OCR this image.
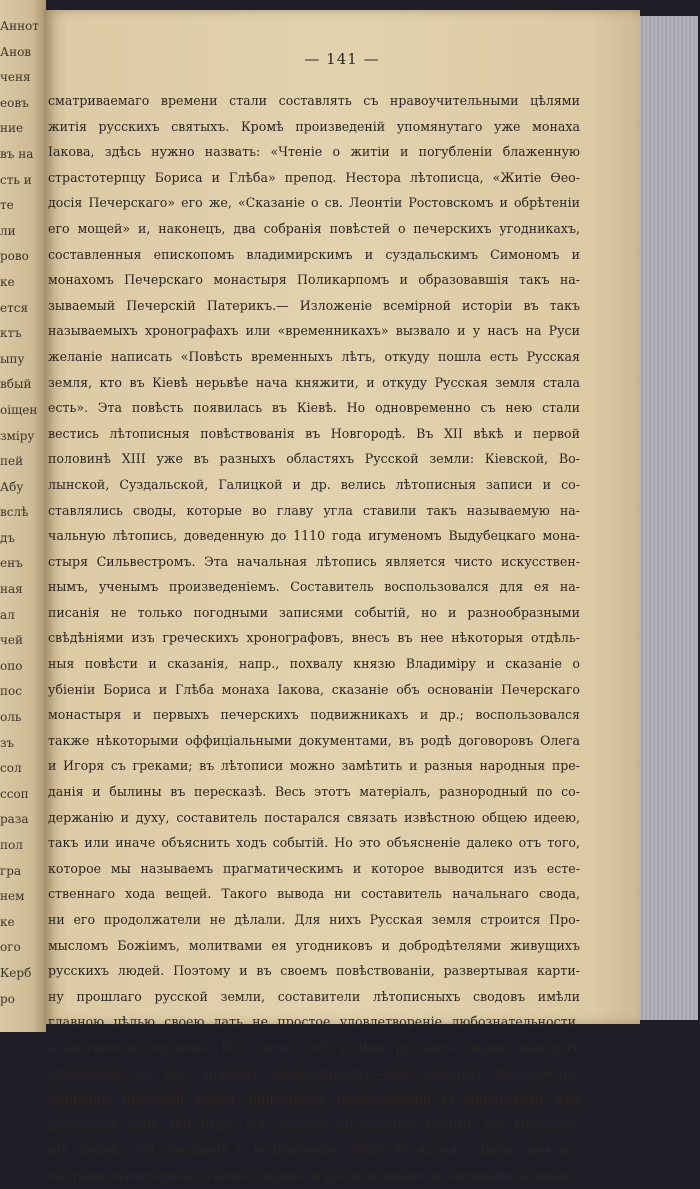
Аннот
Анов
ченя
еовъ
ние
въ на
сть и
те
ли
рово
ке
ется
ктъ
ыпу
вбый
оіщен
зміру
пей
Абу
вслѣ
дъ
енъ
ная
ал
чей
опо
пос
оль
зъ
сол
ссоп
раза
пол
гра
нем
ке
ого
Керб
ро
— 141 —
сматриваемаго времени стали составлять съ нравоучительными цѣлями
житія русскихъ святыхъ. Кромѣ произведеній упомянутаго уже монаха
Іакова, здѣсь нужно назвать: «Чтеніе о житіи и погубленіи блаженную
страстотерпцу Бориса и Глѣба» препод. Нестора лѣтописца, «Житіе Ѳео-
досія Печерскаго» его же, «Сказаніе о св. Леонтіи Ростовскомъ и обрѣтеніи
его мощей» и, наконецъ, два собранія повѣстей о печерскихъ угодникахъ,
составленныя епископомъ владимирскимъ и суздальскимъ Симономъ и
монахомъ Печерскаго монастыря Поликарпомъ и образовавшія такъ на-
зываемый Печерскій Патерикъ.— Изложеніе всемірной исторіи въ такъ
называемыхъ хронографахъ или «временникахъ» вызвало и у насъ на Руси
желаніе написать «Повѣсть временныхъ лѣтъ, откуду пошла есть Русская
земля, кто въ Кіевѣ нерьвѣе нача княжити, и откуду Русская земля стала
есть». Эта повѣсть появилась въ Кіевѣ. Но одновременно съ нею стали
вестись лѣтописныя повѣствованія въ Новгородѣ. Въ XII вѣкѣ и первой
половинѣ XIII уже въ разныхъ областяхъ Русской земли: Кіевской, Во-
лынской, Суздальской, Галицкой и др. велись лѣтописныя записи и со-
ставлялись своды, которые во главу угла ставили такъ называемую на-
чальную лѣтопись, доведенную до 1110 года игуменомъ Выдубецкаго мона-
стыря Сильвестромъ. Эта начальная лѣтопись является чисто искусствен-
нымъ, ученымъ произведеніемъ. Составитель воспользовался для ея на-
писанія не только погодными записями событій, но и разнообразными
свѣдѣніями изъ греческихъ хронографовъ, внесъ въ нее нѣкоторыя отдѣль-
ныя повѣсти и сказанія, напр., похвалу князю Владиміру и сказаніе о
убіеніи Бориса и Глѣба монаха Іакова, сказаніе объ основаніи Печерскаго
монастыря и первыхъ печерскихъ подвижникахъ и др.; воспользовался
также нѣкоторыми оффиціальными документами, въ родѣ договоровъ Олега
и Игоря съ греками; въ лѣтописи можно замѣтить и разныя народныя пре-
данія и былины въ пересказѣ. Весь этотъ матеріалъ, разнородный по со-
держанію и духу, составитель постарался связать извѣстною общею идеею,
такъ или иначе объяснить ходъ событій. Но это объясненіе далеко отъ того,
которое мы называемъ прагматическимъ и которое выводится изъ есте-
ственнаго хода вещей. Такого вывода ни составитель начальнаго свода,
ни его продолжатели не дѣлали. Для нихъ Русская земля строится Про-
мысломъ Божіимъ, молитвами ея угодниковъ и добродѣтелями живущихъ
русскихъ людей. Поэтому и въ своемъ повѣствованіи, развертывая карти-
ну прошлаго русской земли, составители лѣтописныхъ сводовъ имѣли
главною цѣлью своею дать не простое удовлетвореніе любознательности,
а житейское поученіе: Всѣ удачи, всѣ успѣхи русскихъ людей находятъ
объясненіе въ ихъ личныхъ добродѣтеляхъ—христіанскомъ благочестіи,
смиреніи, братской любви, нищелюбіи, расположеніи къ иноческому или
духовному чину. Всѣ бѣды, всѣ напасти посылаются Богомъ для вразумле-
нія людей, для наказанія и исправленія: «Богъ бо казнитъ рабы своя на-
пастьми различными, огнемъ и водою, и ратью и иными различными казньми».
